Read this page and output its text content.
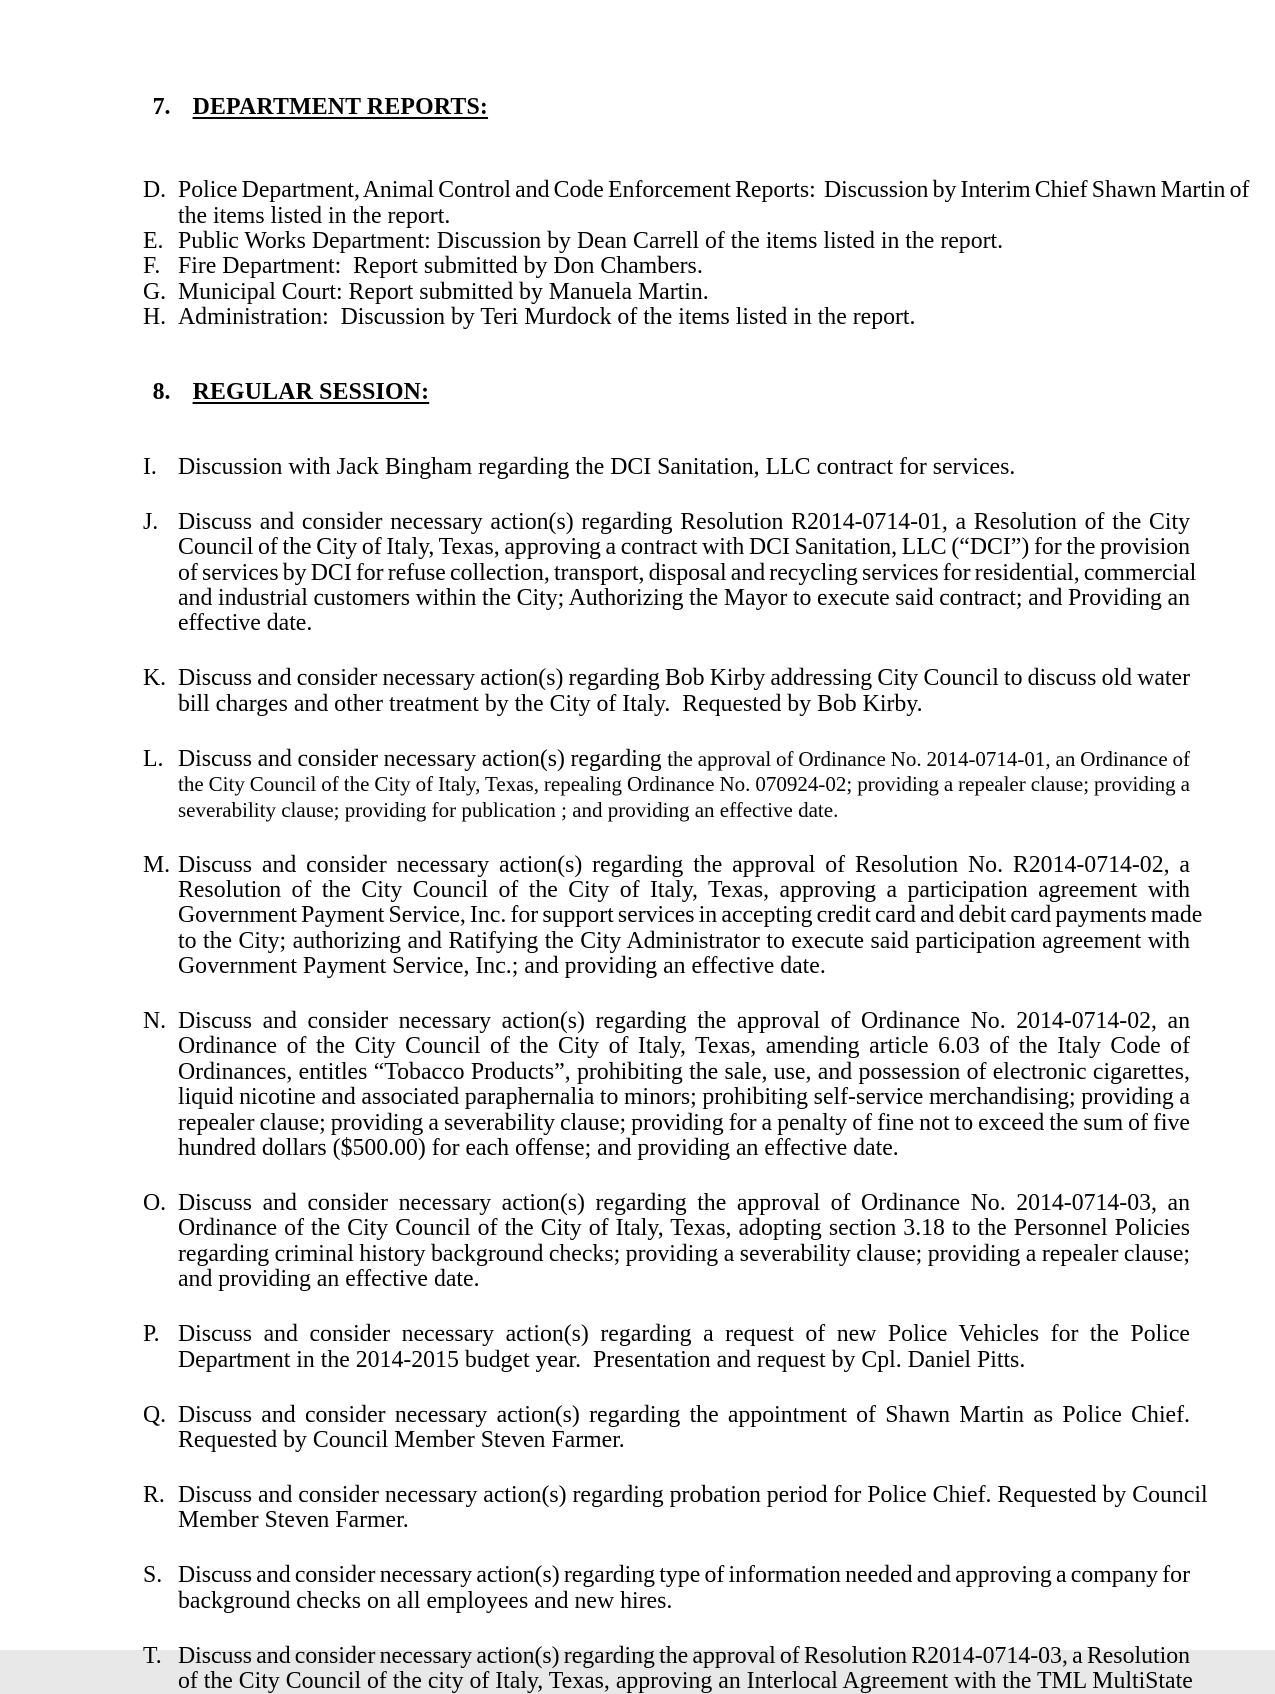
7. DEPARTMENT REPORTS:

D. Police Department, Animal Control and Code Enforcement Reports:  Discussion by Interim Chief Shawn Martin of
the items listed in the report.
E. Public Works Department: Discussion by Dean Carrell of the items listed in the report.
F. Fire Department:  Report submitted by Don Chambers.
G. Municipal Court: Report submitted by Manuela Martin.
H. Administration:  Discussion by Teri Murdock of the items listed in the report.

8. REGULAR SESSION:

I. Discussion with Jack Bingham regarding the DCI Sanitation, LLC contract for services.
J. Discuss and consider necessary action(s) regarding Resolution R2014-0714-01, a Resolution of the City
Council of the City of Italy, Texas, approving a contract with DCI Sanitation, LLC (“DCI”) for the provision
of services by DCI for refuse collection, transport, disposal and recycling services for residential, commercial
and industrial customers within the City; Authorizing the Mayor to execute said contract; and Providing an
effective date.
K. Discuss and consider necessary action(s) regarding Bob Kirby addressing City Council to discuss old water
bill charges and other treatment by the City of Italy.  Requested by Bob Kirby.
L. Discuss and consider necessary action(s) regarding the approval of Ordinance No. 2014-0714-01, an Ordinance of
the City Council of the City of Italy, Texas, repealing Ordinance No. 070924-02; providing a repealer clause; providing a
severability clause; providing for publication ; and providing an effective date.
M. Discuss and consider necessary action(s) regarding the approval of Resolution No. R2014-0714-02, a
Resolution of the City Council of the City of Italy, Texas, approving a participation agreement with
Government Payment Service, Inc. for support services in accepting credit card and debit card payments made
to the City; authorizing and Ratifying the City Administrator to execute said participation agreement with
Government Payment Service, Inc.; and providing an effective date.
N. Discuss and consider necessary action(s) regarding the approval of Ordinance No. 2014-0714-02, an
Ordinance of the City Council of the City of Italy, Texas, amending article 6.03 of the Italy Code of
Ordinances, entitles “Tobacco Products”, prohibiting the sale, use, and possession of electronic cigarettes,
liquid nicotine and associated paraphernalia to minors; prohibiting self-service merchandising; providing a
repealer clause; providing a severability clause; providing for a penalty of fine not to exceed the sum of five
hundred dollars ($500.00) for each offense; and providing an effective date.
O. Discuss and consider necessary action(s) regarding the approval of Ordinance No. 2014-0714-03, an
Ordinance of the City Council of the City of Italy, Texas, adopting section 3.18 to the Personnel Policies
regarding criminal history background checks; providing a severability clause; providing a repealer clause;
and providing an effective date.
P. Discuss and consider necessary action(s) regarding a request of new Police Vehicles for the Police
Department in the 2014-2015 budget year.  Presentation and request by Cpl. Daniel Pitts.
Q. Discuss and consider necessary action(s) regarding the appointment of Shawn Martin as Police Chief.
Requested by Council Member Steven Farmer.
R. Discuss and consider necessary action(s) regarding probation period for Police Chief. Requested by Council
Member Steven Farmer.
S. Discuss and consider necessary action(s) regarding type of information needed and approving a company for
background checks on all employees and new hires.
T. Discuss and consider necessary action(s) regarding the approval of Resolution R2014-0714-03, a Resolution
of the City Council of the city of Italy, Texas, approving an Interlocal Agreement with the TML MultiState
